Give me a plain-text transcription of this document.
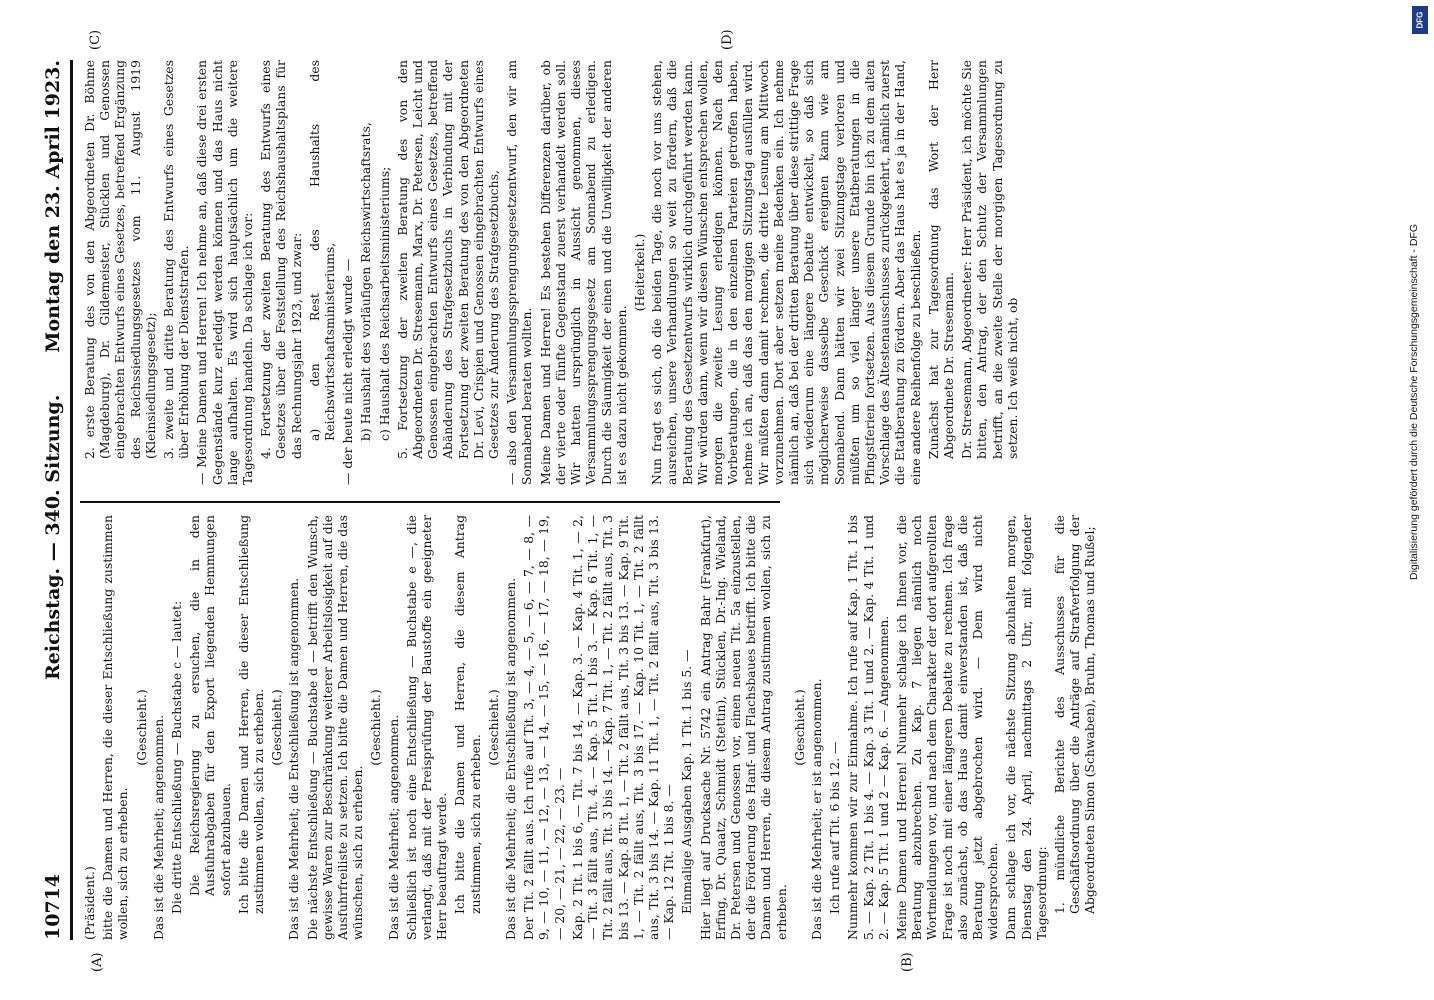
10714
Reichstag. — 340. Sitzung.
Montag den 23. April 1923.
(A)	(B)
(C)	(D)

(Präsident.) bitte die Damen und Herren, die dieser Entschließung zustimmen wollen, sich zu erheben.

(Geschieht.) Das ist die Mehrheit; angenommen. Die dritte Entschließung — Buchstabe c — lautet: Die Reichsregierung zu ersuchen, die in den Ausfuhrabgaben für den Export liegenden Hemmungen sofort abzubauen. Ich bitte die Damen und Herren, die dieser Entschließung zustimmen wollen, sich zu erheben. (Geschieht.) Das ist die Mehrheit; die Entschließung ist angenommen. Die nächste Entschließung — Buchstabe d — betrifft den Wunsch, gewisse Waren zur Beschränkung weiterer Arbeitslosigkeit auf die Ausfuhrfreiliste zu setzen. Ich bitte die Damen und Herren, die das wünschen, sich zu erheben.

(Geschieht.) Das ist die Mehrheit; angenommen. Schließlich ist noch eine Entschließung — Buchstabe e —, die verlangt, daß mit der Preisprüfung der Baustoffe ein geeigneter Herr beauftragt werde. Ich bitte die Damen und Herren, die diesem Antrag zustimmen, sich zu erheben.

(Geschieht.) Das ist die Mehrheit; die Entschließung ist angenommen. Der Tit. 2 fällt aus. Ich rufe auf Tit. 3, — 4, — 5, — 6, — 7, — 8, — 9, — 10, — 11, — 12, — 13, — 14, — 15, — 16, — 17, — 18, — 19, — 20, — 21, — 22, — 23. — Kap. 2 Tit. 1 bis 6, — Tit. 7 bis 14, — Kap. 3. — Kap. 4 Tit. 1, — 2, — Tit. 3 fällt aus, Tit. 4. — Kap. 5 Tit. 1 bis 3. — Kap. 6 Tit. 1, — Tit. 2 fällt aus, Tit. 3 bis 14. — Kap. 7 Tit. 1, — Tit. 2 fällt aus, Tit. 3 bis 13. — Kap. 8 Tit. 1, — Tit. 2 fällt aus, Tit. 3 bis 13. — Kap. 9 Tit. 1, — Tit. 2 fällt aus, Tit. 3 bis 17. — Kap. 10 Tit. 1, — Tit. 2 fällt aus, Tit. 3 bis 14. — Kap. 11 Tit. 1, — Tit. 2 fällt aus, Tit. 3 bis 13. — Kap. 12 Tit. 1 bis 8. — Einmalige Ausgaben Kap. 1 Tit. 1 bis 5. — Hier liegt auf Drucksache Nr. 5742 ein Antrag Bahr (Frankfurt), Erfing, Dr. Quaatz, Schmidt (Stettin), Stücklen, Dr.-Ing. Wieland, Dr. Petersen und Genossen vor, einen neuen Tit. 5a einzustellen, der die Förderung des Hanf- und Flachsbaues betrifft. Ich bitte die Damen und Herren, die diesem Antrag zustimmen wollen, sich zu erheben.

(Geschieht.) Das ist die Mehrheit; er ist angenommen. Ich rufe auf Tit. 6 bis 12. — Nunmehr kommen wir zur Einnahme. Ich rufe auf Kap. 1 Tit. 1 bis 5. — Kap. 2 Tit. 1 bis 4. — Kap. 3 Tit. 1 und 2. — Kap. 4 Tit. 1 und 2. — Kap. 5 Tit. 1 und 2 — Kap. 6. — Angenommen. Meine Damen und Herren! Nunmehr schlage ich Ihnen vor, die Beratung abzubrechen. Zu Kap. 7 liegen nämlich noch Wortmeldungen vor, und nach dem Charakter der dort aufgerollten Frage ist noch mit einer längeren Debatte zu rechnen. Ich frage also zunächst, ob das Haus damit einverstanden ist, daß die Beratung jetzt abgebrochen wird. — Dem wird nicht widersprochen. Dann schlage ich vor, die nächste Sitzung abzuhalten morgen, Dienstag den 24. April, nachmittags 2 Uhr, mit folgender Tagesordnung: 1. mündliche Berichte des Ausschusses für die Geschäftsordnung über die Anträge auf Strafverfolgung der Abgeordneten Simon (Schwaben), Bruhn, Thomas und Rußel;

2. erste Beratung des von den Abgeordneten Dr. Böhme (Magdeburg), Dr. Gildemeister, Stücklen und Genossen eingebrachten Entwurfs eines Gesetzes, betreffend Ergänzung des Reichssiedlungsgesetzes vom 11. August 1919 (Kleinsiedlungsgesetz); 3. zweite und dritte Beratung des Entwurfs eines Gesetzes über Erhöhung der Dienststrafen. — Meine Damen und Herren! Ich nehme an, daß diese drei ersten Gegenstände kurz erledigt werden können und das Haus nicht lange aufhalten. Es wird sich hauptsächlich um die weitere Tagesordnung handeln. Da schlage ich vor: 4. Fortsetzung der zweiten Beratung des Entwurfs eines Gesetzes über die Feststellung des Reichshaushaltsplans für das Rechnungsjahr 1923, und zwar: a) den Rest des Haushalts des Reichswirtschaftsministeriums, — der heute nicht erledigt wurde — b) Haushalt des vorläufigen Reichswirtschaftsrats, c) Haushalt des Reichsarbeitsministeriums; 5. Fortsetzung der zweiten Beratung des von den Abgeordneten Dr. Stresemann, Marx, Dr. Petersen, Leicht und Genossen eingebrachten Entwurfs eines Gesetzes, betreffend Abänderung des Strafgesetzbuchs in Verbindung mit der Fortsetzung der zweiten Beratung des von den Abgeordneten Dr. Levi, Crispien und Genossen eingebrachten Entwurfs eines Gesetzes zur Änderung des Strafgesetzbuchs, — also den Versammlungssprengungsgesetzentwurf, den wir am Sonnabend beraten wollten. Meine Damen und Herren! Es bestehen Differenzen darüber, ob der vierte oder fünfte Gegenstand zuerst verhandelt werden soll. Wir hatten ursprünglich in Aussicht genommen, dieses Versammlungssprengungsgesetz am Sonnabend zu erledigen. Durch die Säumigkeit der einen und die Unwilligkeit der anderen ist es dazu nicht gekommen.

(Heiterkeit.) Nun fragt es sich, ob die beiden Tage, die noch vor uns stehen, ausreichen, unsere Verhandlungen so weit zu fördern, daß die Beratung des Gesetzentwurfs wirklich durchgeführt werden kann. Wir würden dann, wenn wir diesen Wünschen entsprechen wollen, morgen die zweite Lesung erledigen können. Nach den Vorberatungen, die in den einzelnen Parteien getroffen haben, nehme ich an, daß das den morgigen Sitzungstag ausfüllen wird. Wir müßten dann damit rechnen, die dritte Lesung am Mittwoch vorzunehmen. Dort aber setzen meine Bedenken ein. Ich nehme nämlich an, daß bei der dritten Beratung über diese strittige Frage sich wiederum eine längere Debatte entwickelt, so daß sich möglicherweise dasselbe Geschick ereignen kann wie am Sonnabend. Dann hätten wir zwei Sitzungstage verloren und müßten um so viel länger unsere Etatberatungen in die Pfingstferien fortsetzen. Aus diesem Grunde bin ich zu dem alten Vorschlage des Ältestenausschusses zurückgekehrt, nämlich zuerst die Etatberatung zu fördern. Aber das Haus hat es ja in der Hand, eine andere Reihenfolge zu beschließen. Zunächst hat zur Tagesordnung das Wort der Herr Abgeordnete Dr. Stresemann. Dr. Stresemann, Abgeordneter: Herr Präsident, ich möchte Sie bitten, den Antrag, der den Schutz der Versammlungen betrifft, an die zweite Stelle der morgigen Tagesordnung zu setzen. Ich weiß nicht, ob

DFG
Digitalisierung gefördert durch die Deutsche Forschungsgemeinschaft - DFG
